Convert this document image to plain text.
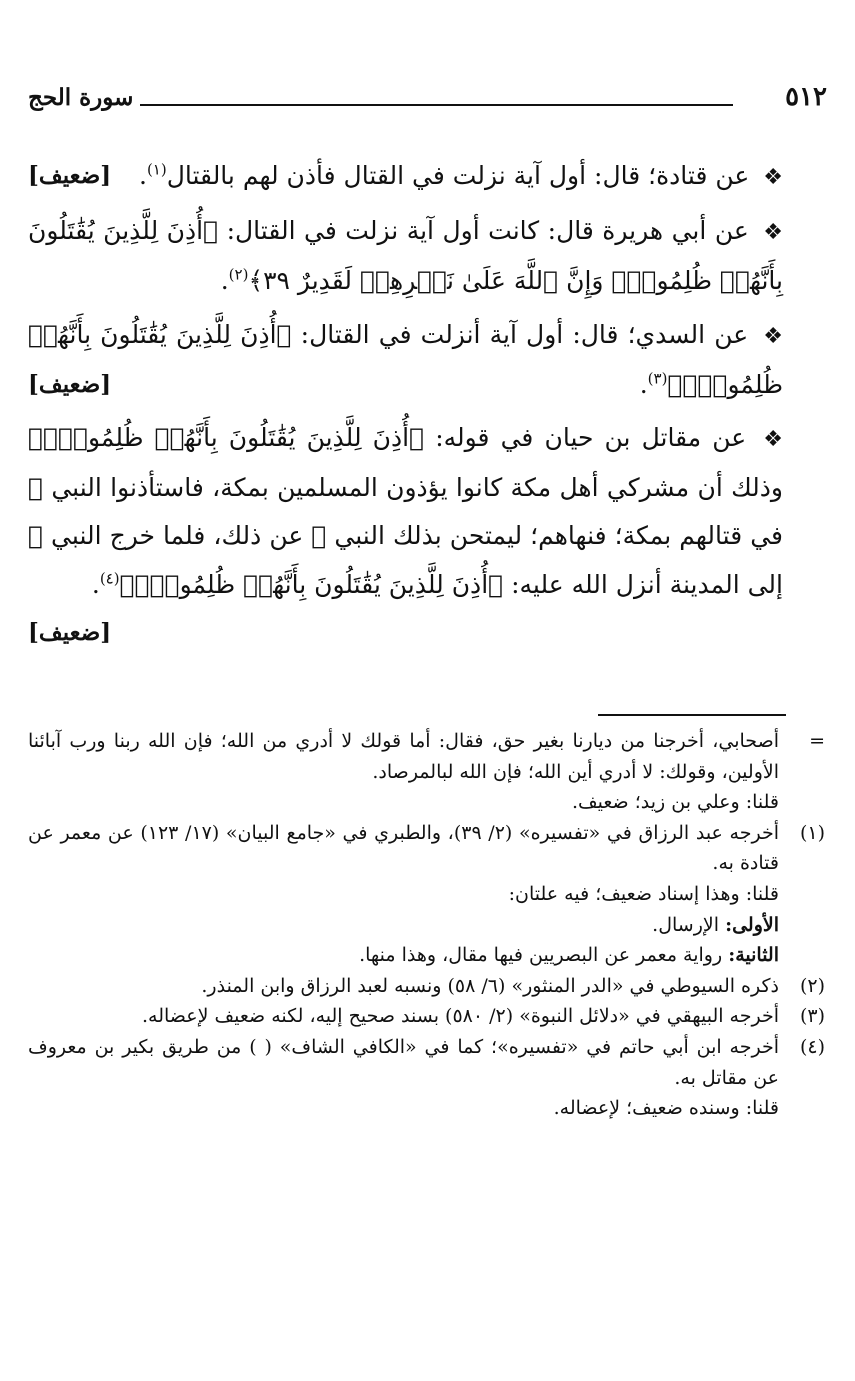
٥١٢
سورة الحج
❖ عن قتادة؛ قال: أول آية نزلت في القتال فأذن لهم بالقتال$^{(١)}$.
[ضعيف]
❖ عن أبي هريرة قال: كانت أول آية نزلت في القتال: ﴿أُذِنَ لِلَّذِينَ يُقَٰتَلُونَ بِأَنَّهُمۡ ظُلِمُواْۚ وَإِنَّ ٱللَّهَ عَلَىٰ نَصۡرِهِمۡ لَقَدِيرٌ ٣٩﴾$^{(٢)}$.
❖ عن السدي؛ قال: أول آية أنزلت في القتال: ﴿أُذِنَ لِلَّذِينَ يُقَٰتَلُونَ بِأَنَّهُمۡ ظُلِمُواْۚ﴾$^{(٣)}$.
[ضعيف]
❖ عن مقاتل بن حيان في قوله: ﴿أُذِنَ لِلَّذِينَ يُقَٰتَلُونَ بِأَنَّهُمۡ ظُلِمُواْۚ﴾ وذلك أن مشركي أهل مكة كانوا يؤذون المسلمين بمكة، فاستأذنوا النبي ﷺ في قتالهم بمكة؛ فنهاهم؛ ليمتحن بذلك النبي ﷺ عن ذلك، فلما خرج النبي ﷺ إلى المدينة أنزل الله عليه: ﴿أُذِنَ لِلَّذِينَ يُقَٰتَلُونَ بِأَنَّهُمۡ ظُلِمُواْۚ﴾$^{(٤)}$.
[ضعيف]
=
أصحابي، أخرجنا من ديارنا بغير حق، فقال: أما قولك لا أدري من الله؛ فإن الله ربنا ورب آبائنا الأولين، وقولك: لا أدري أين الله؛ فإن الله لبالمرصاد.
قلنا: وعلي بن زيد؛ ضعيف.
(١)
أخرجه عبد الرزاق في «تفسيره» (٢/ ٣٩)، والطبري في «جامع البيان» (١٧/ ١٢٣) عن معمر عن قتادة به.
قلنا: وهذا إسناد ضعيف؛ فيه علتان:
الأولى: الإرسال.
الثانية: رواية معمر عن البصريين فيها مقال، وهذا منها.
(٢)
ذكره السيوطي في «الدر المنثور» (٦/ ٥٨) ونسبه لعبد الرزاق وابن المنذر.
(٣)
أخرجه البيهقي في «دلائل النبوة» (٢/ ٥٨٠) بسند صحيح إليه، لكنه ضعيف لإعضاله.
(٤)
أخرجه ابن أبي حاتم في «تفسيره»؛ كما في «الكافي الشاف» ( ) من طريق بكير بن معروف عن مقاتل به.
قلنا: وسنده ضعيف؛ لإعضاله.
